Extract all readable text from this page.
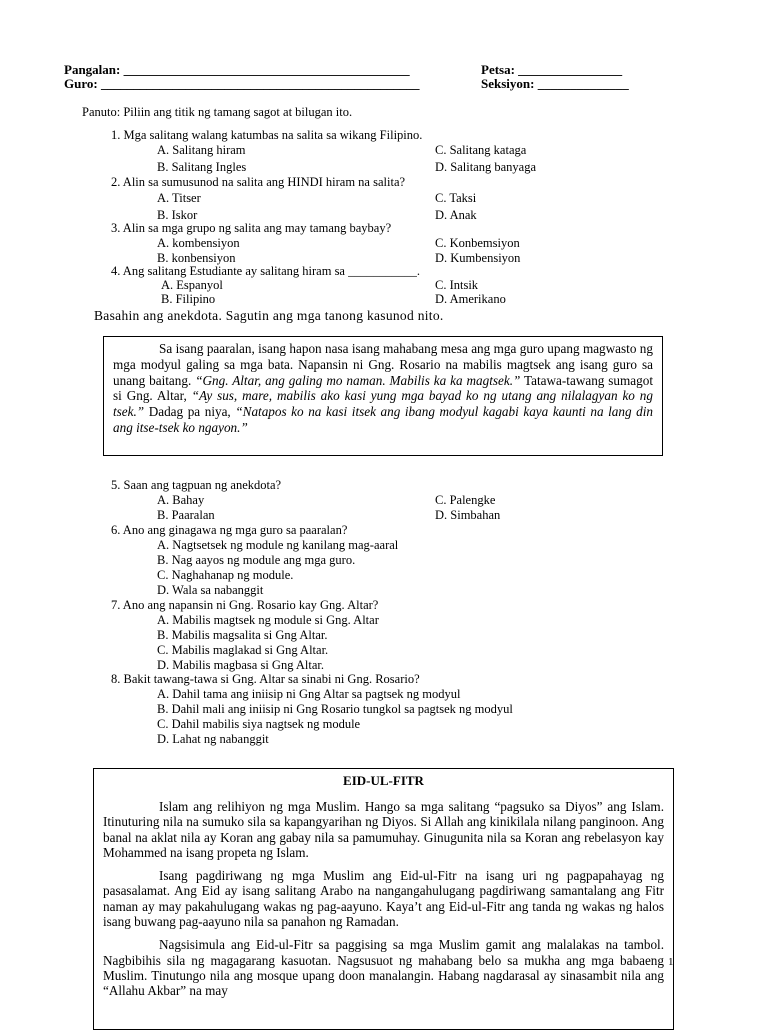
Pangalan: ____________________________________________
Guro: _________________________________________________
Petsa: ________________
Seksiyon: ______________
Panuto: Piliin ang titik ng tamang sagot at bilugan ito.
1. Mga salitang walang katumbas na salita sa wikang Filipino.
A. Salitang hiram	C. Salitang kataga
B. Salitang Ingles	D. Salitang banyaga
2. Alin sa sumusunod na salita ang HINDI hiram na salita?
A. Titser	C. Taksi
B. Iskor	D. Anak
3. Alin sa mga grupo ng salita ang may tamang baybay?
A. kombensiyon	C. Konbemsiyon
B. konbensiyon	D. Kumbensiyon
4. Ang salitang Estudiante ay salitang hiram sa ___________.
A. Espanyol	C. Intsik
B. Filipino	D. Amerikano
Basahin ang anekdota. Sagutin ang mga tanong kasunod nito.
Sa isang paaralan, isang hapon nasa isang mahabang mesa ang mga guro upang magwasto ng mga modyul galing sa mga bata. Napansin ni Gng. Rosario na mabilis magtsek ang isang guro sa unang baitang. “Gng. Altar, ang galing mo naman. Mabilis ka ka magtsek.” Tatawa-tawang sumagot si Gng. Altar, “Ay sus, mare, mabilis ako kasi yung mga bayad ko ng utang ang nilalagyan ko ng tsek.” Dadag pa niya, “Natapos ko na kasi itsek ang ibang modyul kagabi kaya kaunti na lang din ang itse-tsek ko ngayon.”
5. Saan ang tagpuan ng anekdota?
A. Bahay	C. Palengke
B. Paaralan	D. Simbahan
6. Ano ang ginagawa ng mga guro sa paaralan?
A. Nagtsetsek ng module ng kanilang mag-aaral
B. Nag aayos ng module ang mga guro.
C. Naghahanap ng module.
D. Wala sa nabanggit
7. Ano ang napansin ni Gng. Rosario kay Gng. Altar?
A. Mabilis magtsek ng module si Gng. Altar
B. Mabilis magsalita si Gng Altar.
C. Mabilis maglakad si Gng Altar.
D. Mabilis magbasa si Gng Altar.
8. Bakit tawang-tawa si Gng. Altar sa sinabi ni Gng. Rosario?
A. Dahil tama ang iniisip ni Gng Altar sa pagtsek ng modyul
B. Dahil mali ang iniisip ni Gng Rosario tungkol sa pagtsek ng modyul
C. Dahil mabilis siya nagtsek ng module
D. Lahat ng nabanggit
EID-UL-FITR

Islam ang relihiyon ng mga Muslim. Hango sa mga salitang “pagsuko sa Diyos” ang Islam. Itinuturing nila na sumuko sila sa kapangyarihan ng Diyos. Si Allah ang kinikilala nilang panginoon. Ang banal na aklat nila ay Koran ang gabay nila sa pamumuhay. Ginugunita nila sa Koran ang rebelasyon kay Mohammed na isang propeta ng Islam.

Isang pagdiriwang ng mga Muslim ang Eid-ul-Fitr na isang uri ng pagpapahayag ng pasasalamat. Ang Eid ay isang salitang Arabo na nangangahulugang pagdiriwang samantalang ang Fitr naman ay may pakahulugang wakas ng pag-aayuno. Kaya’t ang Eid-ul-Fitr ang tanda ng wakas ng halos isang buwang pag-aayuno nila sa panahon ng Ramadan.

Nagsisimula ang Eid-ul-Fitr sa paggising sa mga Muslim gamit ang malalakas na tambol. Nagbibihis sila ng magagarang kasuotan. Nagsusuot ng mahabang belo sa mukha ang mga babaeng Muslim. Tinutungo nila ang mosque upang doon manalangin. Habang nagdarasal ay sinasambit nila ang “Allahu Akbar” na may

1
